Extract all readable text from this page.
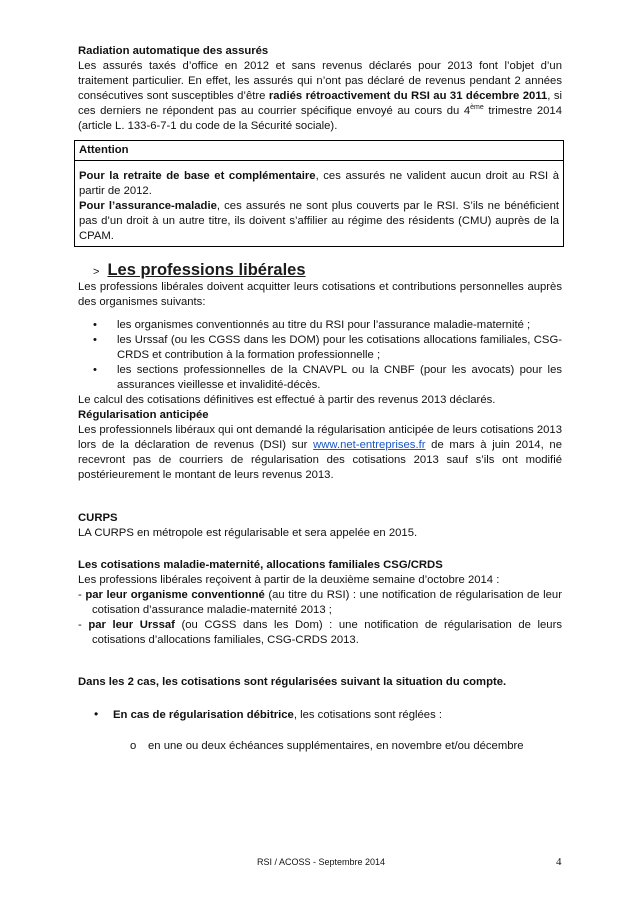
Radiation automatique des assurés

Les assurés taxés d’office en 2012 et sans revenus déclarés pour 2013 font l’objet d’un traitement particulier. En effet, les assurés qui n’ont pas déclaré de revenus pendant 2 années consécutives sont susceptibles d’être radiés rétroactivement du RSI au 31 décembre 2011, si ces derniers ne répondent pas au courrier spécifique envoyé au cours du 4ème trimestre 2014 (article L. 133-6-7-1 du code de la Sécurité sociale).

Attention
Pour la retraite de base et complémentaire, ces assurés ne valident aucun droit au RSI à partir de 2012.
Pour l’assurance-maladie, ces assurés ne sont plus couverts par le RSI. S’ils ne bénéficient pas d’un droit à un autre titre, ils doivent s’affilier au régime des résidents (CMU) auprès de la CPAM.
> Les professions libérales

Les professions libérales doivent acquitter leurs cotisations et contributions personnelles auprès des organismes suivants:

• les organismes conventionnés au titre du RSI pour l’assurance maladie-maternité ;
• les Urssaf (ou les CGSS dans les DOM) pour les cotisations allocations familiales, CSG-CRDS et contribution à la formation professionnelle ;
• les sections professionnelles de la CNAVPL ou la CNBF (pour les avocats) pour les assurances vieillesse et invalidité-décès.

Le calcul des cotisations définitives est effectué à partir des revenus 2013 déclarés.

Régularisation anticipée

Les professionnels libéraux qui ont demandé la régularisation anticipée de leurs cotisations 2013 lors de la déclaration de revenus (DSI) sur www.net-entreprises.fr de mars à juin 2014, ne recevront pas de courriers de régularisation des cotisations 2013 sauf s’ils ont modifié postérieurement le montant de leurs revenus 2013.

CURPS

LA CURPS en métropole est régularisable et sera appelée en 2015.

Les cotisations maladie-maternité, allocations familiales CSG/CRDS

Les professions libérales reçoivent à partir de la deuxième semaine d’octobre 2014 :

- par leur organisme conventionné (au titre du RSI) : une notification de régularisation de leur cotisation d’assurance maladie-maternité 2013 ;

- par leur Urssaf (ou CGSS dans les Dom) : une notification de régularisation de leurs cotisations d’allocations familiales, CSG-CRDS 2013.

Dans les 2 cas, les cotisations sont régularisées suivant la situation du compte.

• En cas de régularisation débitrice, les cotisations sont réglées :
o en une ou deux échéances supplémentaires, en novembre et/ou décembre
RSI / ACOSS - Septembre 2014	4
